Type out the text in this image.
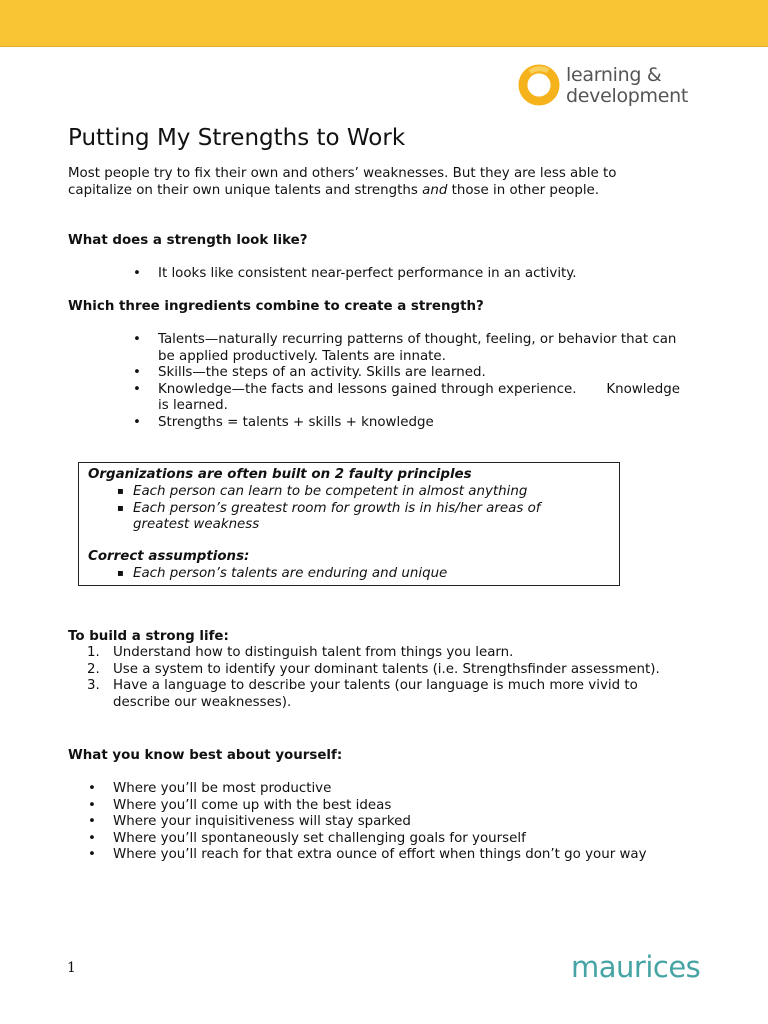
learning &
development
Putting My Strengths to Work
Most people try to fix their own and others’ weaknesses. But they are less able to
capitalize on their own unique talents and strengths and those in other people.
What does a strength look like?
• It looks like consistent near-perfect performance in an activity.
Which three ingredients combine to create a strength?
• Talents—naturally recurring patterns of thought, feeling, or behavior that can
be applied productively. Talents are innate.
• Skills—the steps of an activity. Skills are learned.
• Knowledge—the facts and lessons gained through experience.       Knowledge
is learned.
• Strengths = talents + skills + knowledge
Organizations are often built on 2 faulty principles
▪ Each person can learn to be competent in almost anything
▪ Each person’s greatest room for growth is in his/her areas of
greatest weakness
Correct assumptions:
▪ Each person’s talents are enduring and unique
To build a strong life:
1. Understand how to distinguish talent from things you learn.
2. Use a system to identify your dominant talents (i.e. Strengthsfinder assessment).
3. Have a language to describe your talents (our language is much more vivid to
describe our weaknesses).
What you know best about yourself:
• Where you’ll be most productive
• Where you’ll come up with the best ideas
• Where your inquisitiveness will stay sparked
• Where you’ll spontaneously set challenging goals for yourself
• Where you’ll reach for that extra ounce of effort when things don’t go your way
1	maurices
